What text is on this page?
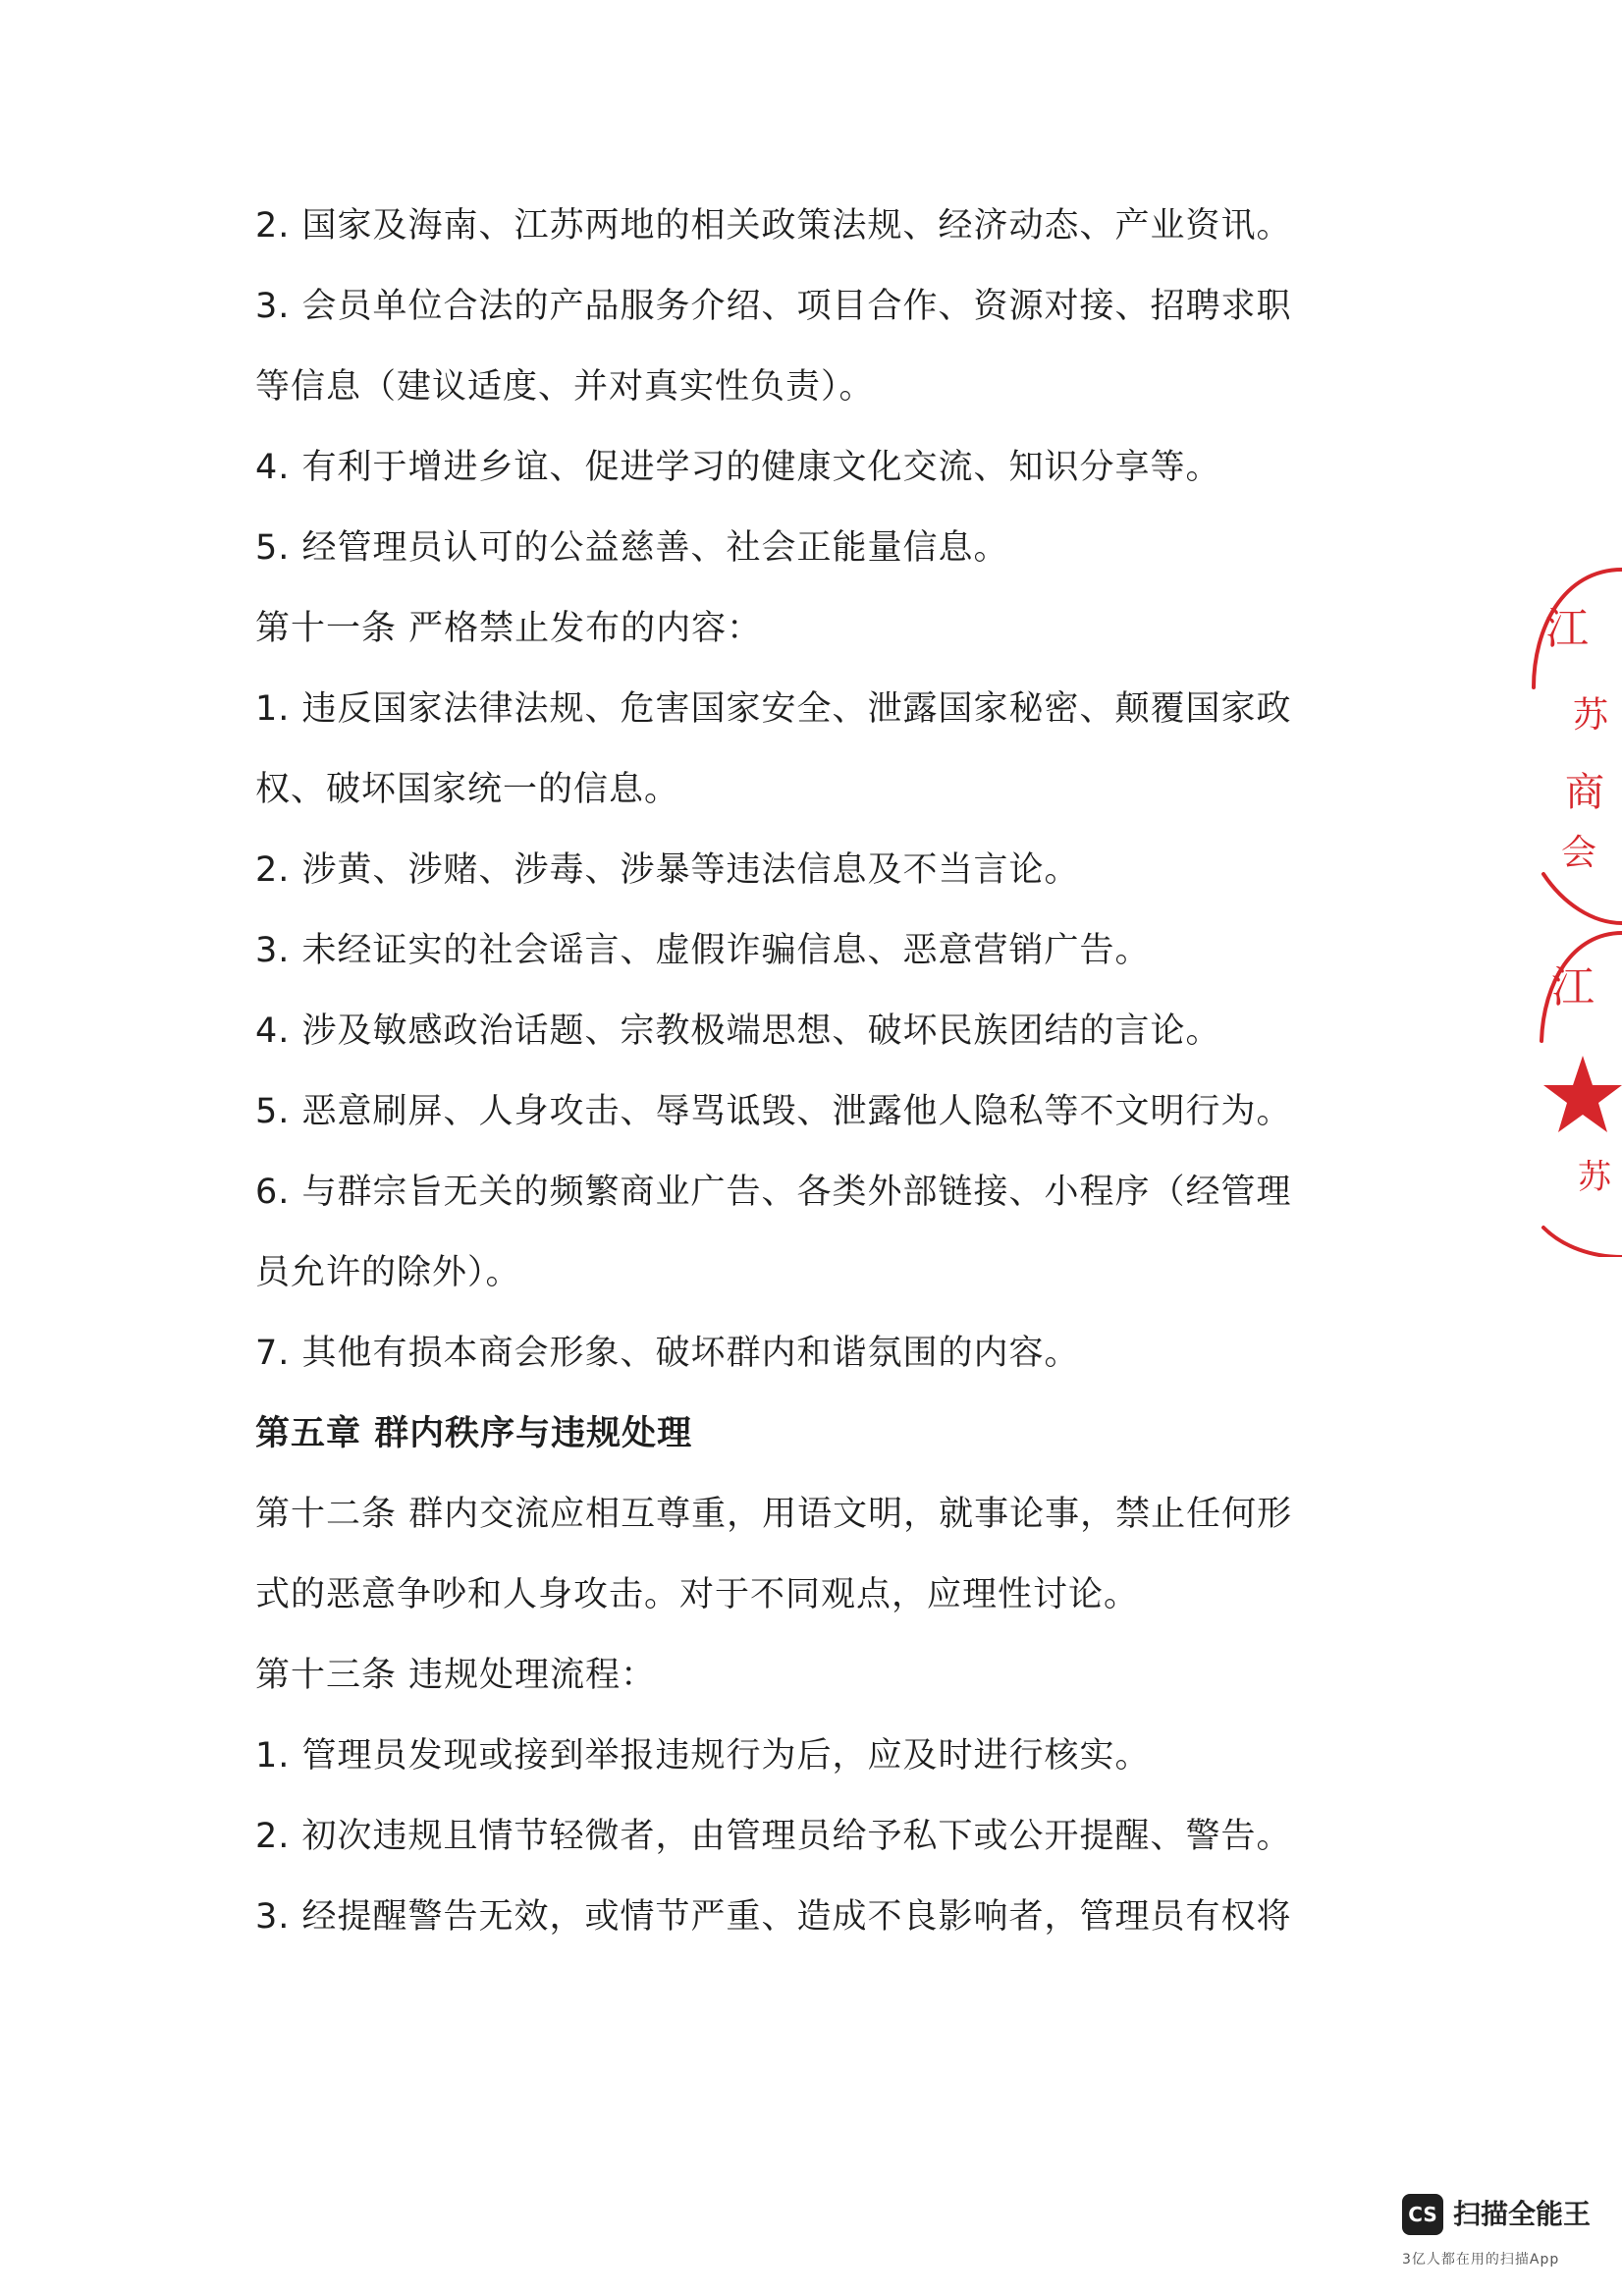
2. 国家及海南、江苏两地的相关政策法规、经济动态、产业资讯。
3. 会员单位合法的产品服务介绍、项目合作、资源对接、招聘求职
等信息（建议适度、并对真实性负责）。
4. 有利于增进乡谊、促进学习的健康文化交流、知识分享等。
5. 经管理员认可的公益慈善、社会正能量信息。
第十一条 严格禁止发布的内容：
1. 违反国家法律法规、危害国家安全、泄露国家秘密、颠覆国家政
权、破坏国家统一的信息。
2. 涉黄、涉赌、涉毒、涉暴等违法信息及不当言论。
3. 未经证实的社会谣言、虚假诈骗信息、恶意营销广告。
4. 涉及敏感政治话题、宗教极端思想、破坏民族团结的言论。
5. 恶意刷屏、人身攻击、辱骂诋毁、泄露他人隐私等不文明行为。
6. 与群宗旨无关的频繁商业广告、各类外部链接、小程序（经管理
员允许的除外）。
7. 其他有损本商会形象、破坏群内和谐氛围的内容。
第五章 群内秩序与违规处理
第十二条 群内交流应相互尊重，用语文明，就事论事，禁止任何形
式的恶意争吵和人身攻击。对于不同观点，应理性讨论。
第十三条 违规处理流程：
1. 管理员发现或接到举报违规行为后，应及时进行核实。
2. 初次违规且情节轻微者，由管理员给予私下或公开提醒、警告。
3. 经提醒警告无效，或情节严重、造成不良影响者，管理员有权将
江
苏
商
会
江
苏
CS 扫描全能王
3亿人都在用的扫描App
